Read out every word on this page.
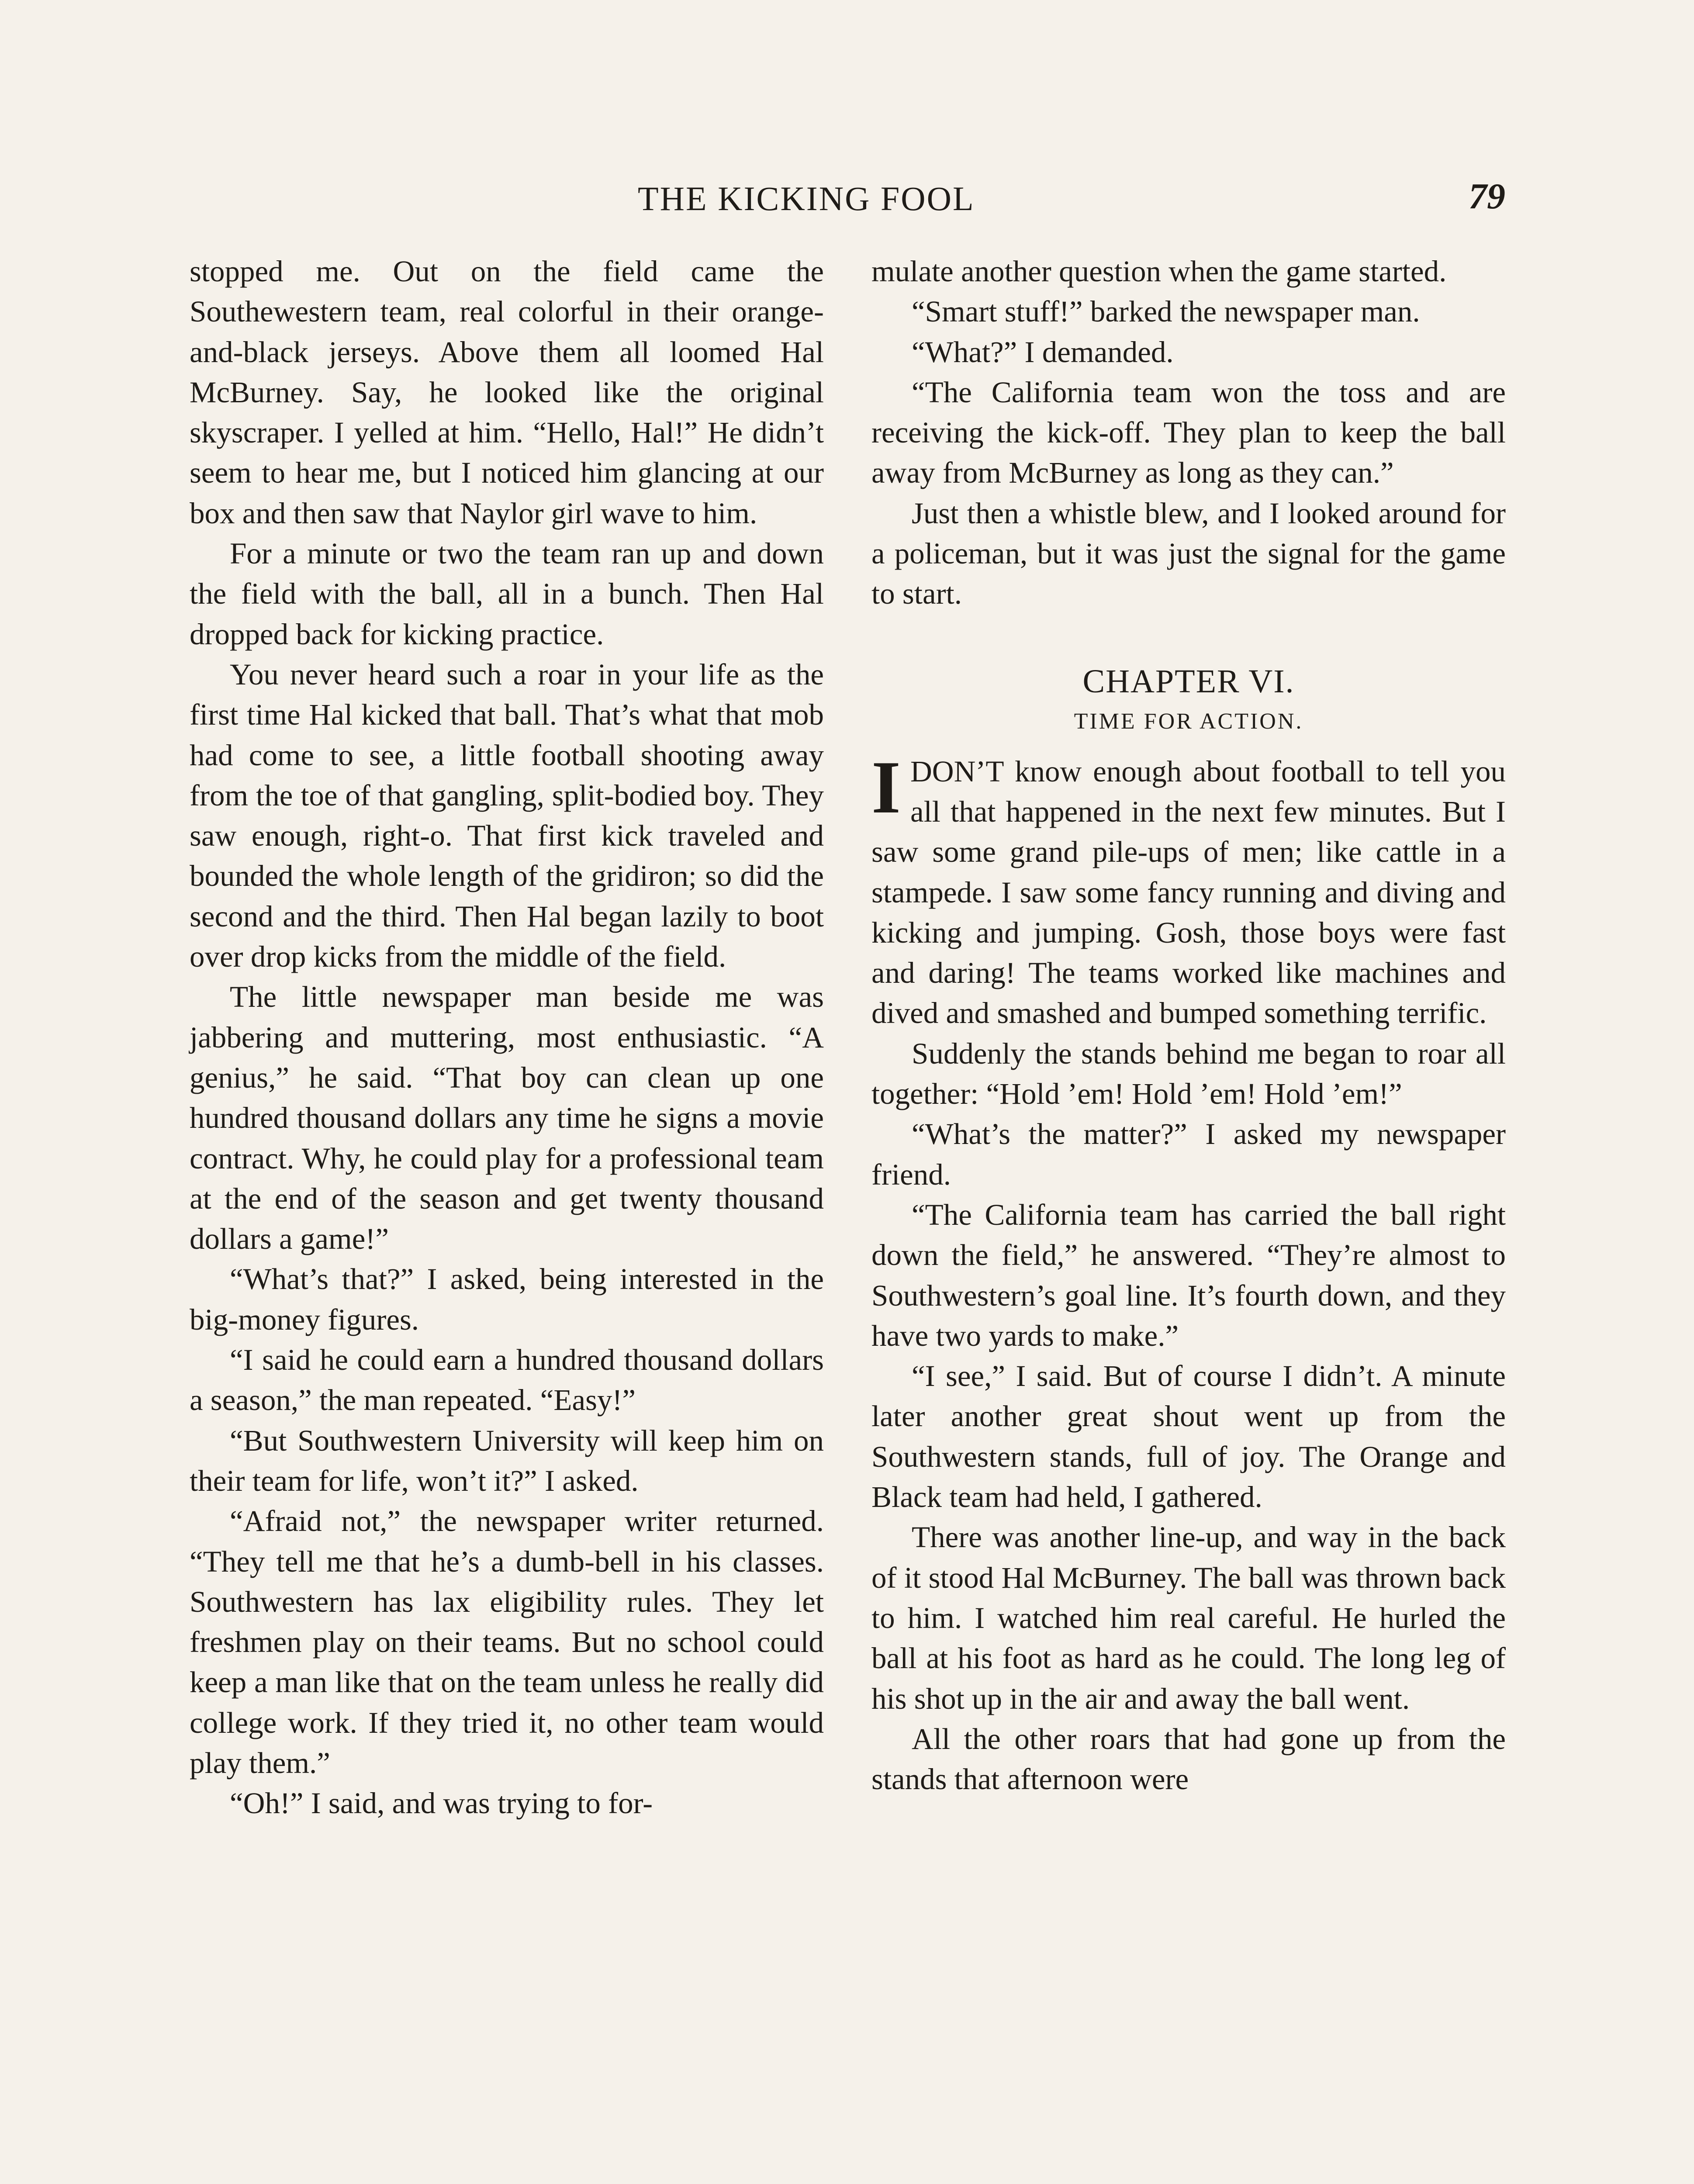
THE KICKING FOOL	79

stopped me. Out on the field came the Southewestern team, real colorful in their orange-and-black jerseys. Above them all loomed Hal McBurney. Say, he looked like the original skyscraper. I yelled at him. “Hello, Hal!” He didn’t seem to hear me, but I noticed him glancing at our box and then saw that Naylor girl wave to him.

For a minute or two the team ran up and down the field with the ball, all in a bunch. Then Hal dropped back for kicking practice.

You never heard such a roar in your life as the first time Hal kicked that ball. That’s what that mob had come to see, a little football shooting away from the toe of that gangling, split-bodied boy. They saw enough, right-o. That first kick traveled and bounded the whole length of the gridiron; so did the second and the third. Then Hal began lazily to boot over drop kicks from the middle of the field.

The little newspaper man beside me was jabbering and muttering, most enthusiastic. “A genius,” he said. “That boy can clean up one hundred thousand dollars any time he signs a movie contract. Why, he could play for a professional team at the end of the season and get twenty thousand dollars a game!”

“What’s that?” I asked, being interested in the big-money figures.

“I said he could earn a hundred thousand dollars a season,” the man repeated. “Easy!”

“But Southwestern University will keep him on their team for life, won’t it?” I asked.

“Afraid not,” the newspaper writer returned. “They tell me that he’s a dumb-bell in his classes. Southwestern has lax eligibility rules. They let freshmen play on their teams. But no school could keep a man like that on the team unless he really did college work. If they tried it, no other team would play them.”

“Oh!” I said, and was trying to for-

mulate another question when the game started.

“Smart stuff!” barked the newspaper man.

“What?” I demanded.

“The California team won the toss and are receiving the kick-off. They plan to keep the ball away from McBurney as long as they can.”

Just then a whistle blew, and I looked around for a policeman, but it was just the signal for the game to start.

CHAPTER VI.
TIME FOR ACTION.

IDON’T know enough about football to tell you all that happened in the next few minutes. But I saw some grand pile-ups of men; like cattle in a stampede. I saw some fancy running and diving and kicking and jumping. Gosh, those boys were fast and daring! The teams worked like machines and dived and smashed and bumped something terrific.

Suddenly the stands behind me began to roar all together: “Hold ’em! Hold ’em! Hold ’em!”

“What’s the matter?” I asked my newspaper friend.

“The California team has carried the ball right down the field,” he answered. “They’re almost to Southwestern’s goal line. It’s fourth down, and they have two yards to make.”

“I see,” I said. But of course I didn’t. A minute later another great shout went up from the Southwestern stands, full of joy. The Orange and Black team had held, I gathered.

There was another line-up, and way in the back of it stood Hal McBurney. The ball was thrown back to him. I watched him real careful. He hurled the ball at his foot as hard as he could. The long leg of his shot up in the air and away the ball went.

All the other roars that had gone up from the stands that afternoon were
